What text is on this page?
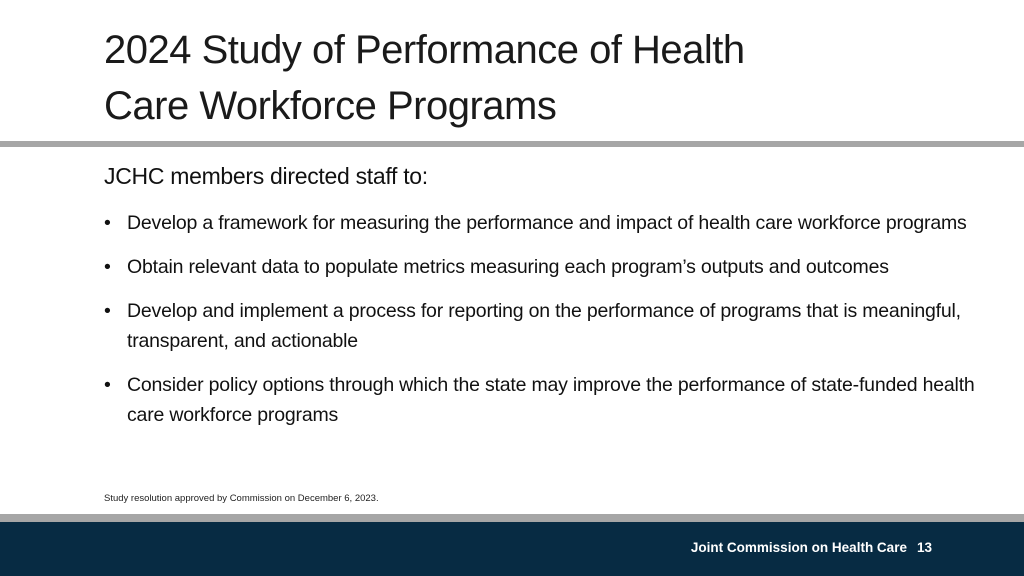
2024 Study of Performance of Health
Care Workforce Programs
JCHC members directed staff to:
• Develop a framework for measuring the performance and impact of health care workforce programs
• Obtain relevant data to populate metrics measuring each program’s outputs and outcomes
• Develop and implement a process for reporting on the performance of programs that is meaningful, transparent, and actionable
• Consider policy options through which the state may improve the performance of state-funded health care workforce programs
Study resolution approved by Commission on December 6, 2023.
Joint Commission on Health Care 13
